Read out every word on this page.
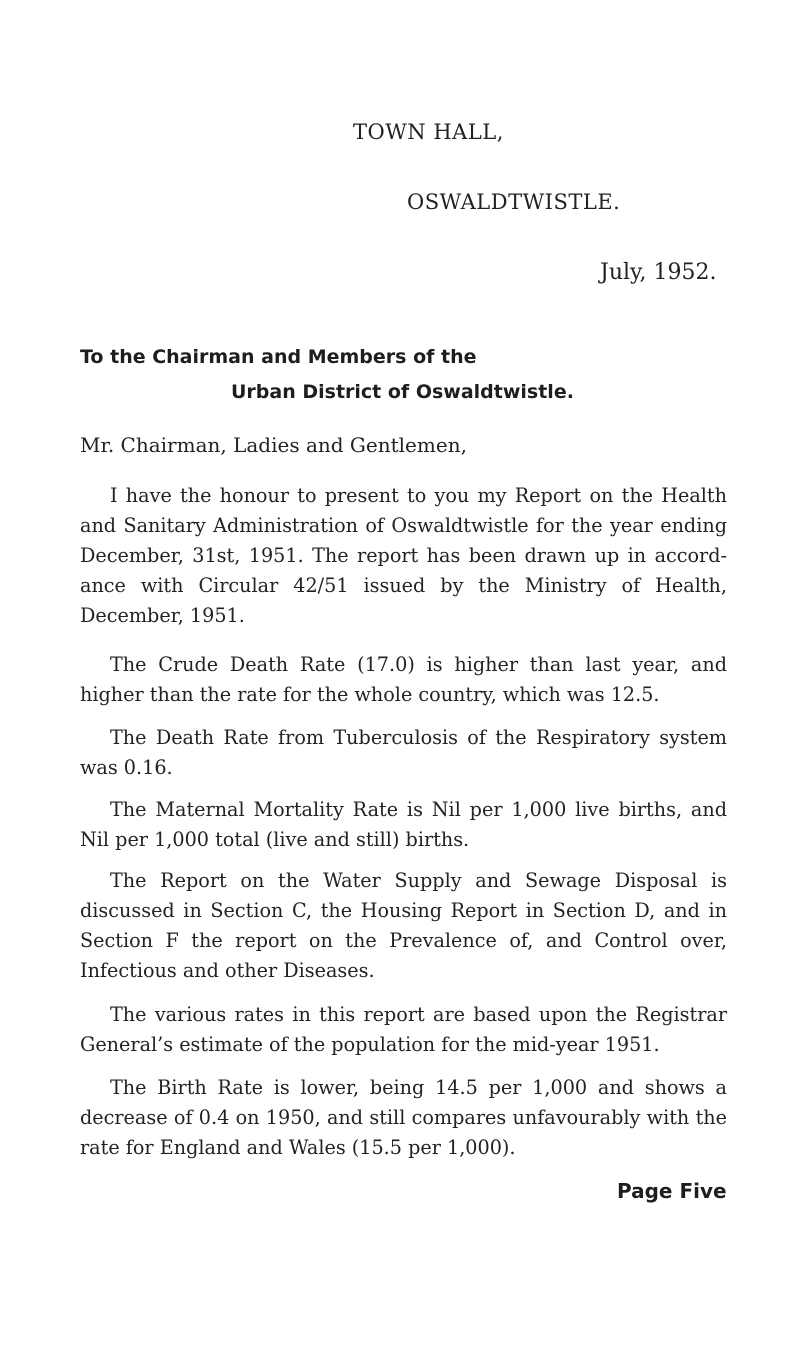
TOWN HALL,
OSWALDTWISTLE.
July, 1952.
To the Chairman and Members of the
Urban District of Oswaldtwistle.
Mr. Chairman, Ladies and Gentlemen,

I have the honour to present to you my Report on the Health and Sanitary Administration of Oswaldtwistle for the year ending December, 31st, 1951. The report has been drawn up in accord-ance with Circular 42/51 issued by the Ministry of Health, December, 1951.

The Crude Death Rate (17.0) is higher than last year, and higher than the rate for the whole country, which was 12.5.

The Death Rate from Tuberculosis of the Respiratory system was 0.16.

The Maternal Mortality Rate is Nil per 1,000 live births, and Nil per 1,000 total (live and still) births.

The Report on the Water Supply and Sewage Disposal is discussed in Section C, the Housing Report in Section D, and in Section F the report on the Prevalence of, and Control over, Infectious and other Diseases.

The various rates in this report are based upon the Registrar General’s estimate of the population for the mid-year 1951.

The Birth Rate is lower, being 14.5 per 1,000 and shows a decrease of 0.4 on 1950, and still compares unfavourably with the rate for England and Wales (15.5 per 1,000).

Page Five
